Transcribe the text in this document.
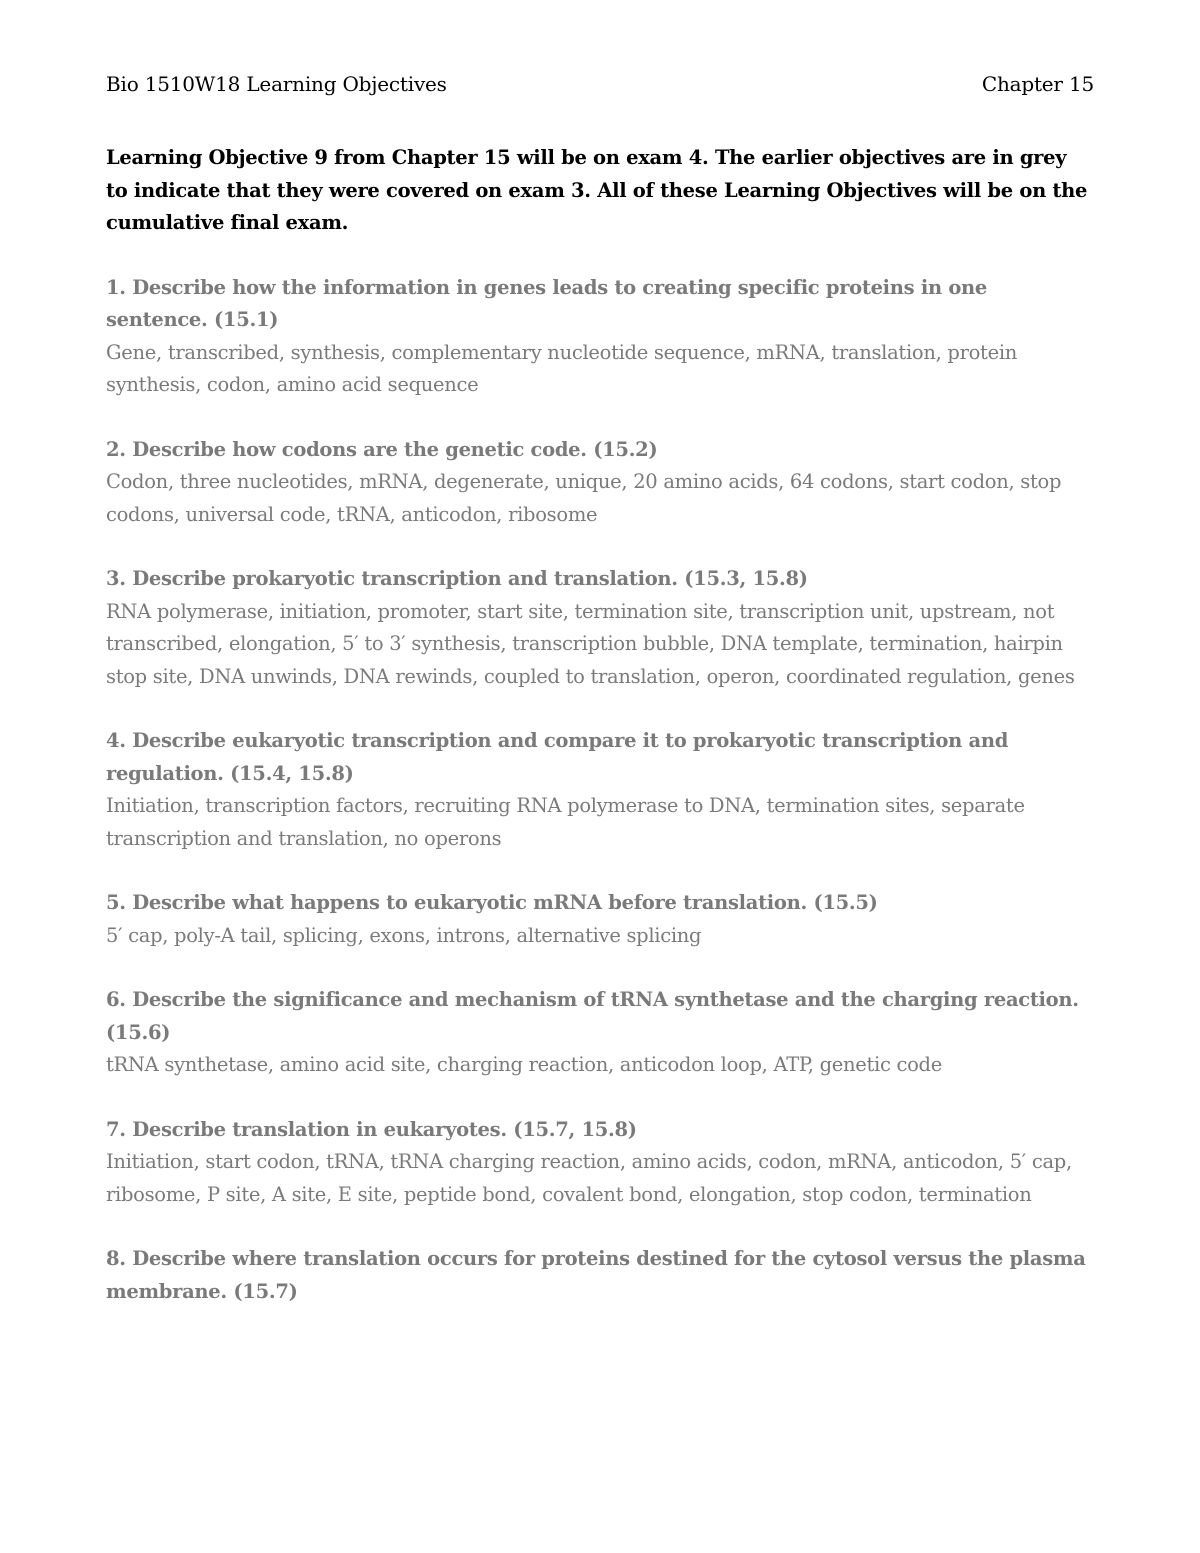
Bio 1510W18 Learning Objectives	Chapter 15
Learning Objective 9 from Chapter 15 will be on exam 4. The earlier objectives are in grey to indicate that they were covered on exam 3. All of these Learning Objectives will be on the cumulative final exam.
1. Describe how the information in genes leads to creating specific proteins in one sentence. (15.1)
Gene, transcribed, synthesis, complementary nucleotide sequence, mRNA, translation, protein synthesis, codon, amino acid sequence
2. Describe how codons are the genetic code. (15.2)
Codon, three nucleotides, mRNA, degenerate, unique, 20 amino acids, 64 codons, start codon, stop codons, universal code, tRNA, anticodon, ribosome
3. Describe prokaryotic transcription and translation. (15.3, 15.8)
RNA polymerase, initiation, promoter, start site, termination site, transcription unit, upstream, not transcribed, elongation, 5′ to 3′ synthesis, transcription bubble, DNA template, termination, hairpin stop site, DNA unwinds, DNA rewinds, coupled to translation, operon, coordinated regulation, genes
4. Describe eukaryotic transcription and compare it to prokaryotic transcription and regulation. (15.4, 15.8)
Initiation, transcription factors, recruiting RNA polymerase to DNA, termination sites, separate transcription and translation, no operons
5. Describe what happens to eukaryotic mRNA before translation. (15.5)
5′ cap, poly-A tail, splicing, exons, introns, alternative splicing
6. Describe the significance and mechanism of tRNA synthetase and the charging reaction. (15.6)
tRNA synthetase, amino acid site, charging reaction, anticodon loop, ATP, genetic code
7. Describe translation in eukaryotes. (15.7, 15.8)
Initiation, start codon, tRNA, tRNA charging reaction, amino acids, codon, mRNA, anticodon, 5′ cap, ribosome, P site, A site, E site, peptide bond, covalent bond, elongation, stop codon, termination
8. Describe where translation occurs for proteins destined for the cytosol versus the plasma membrane. (15.7)
